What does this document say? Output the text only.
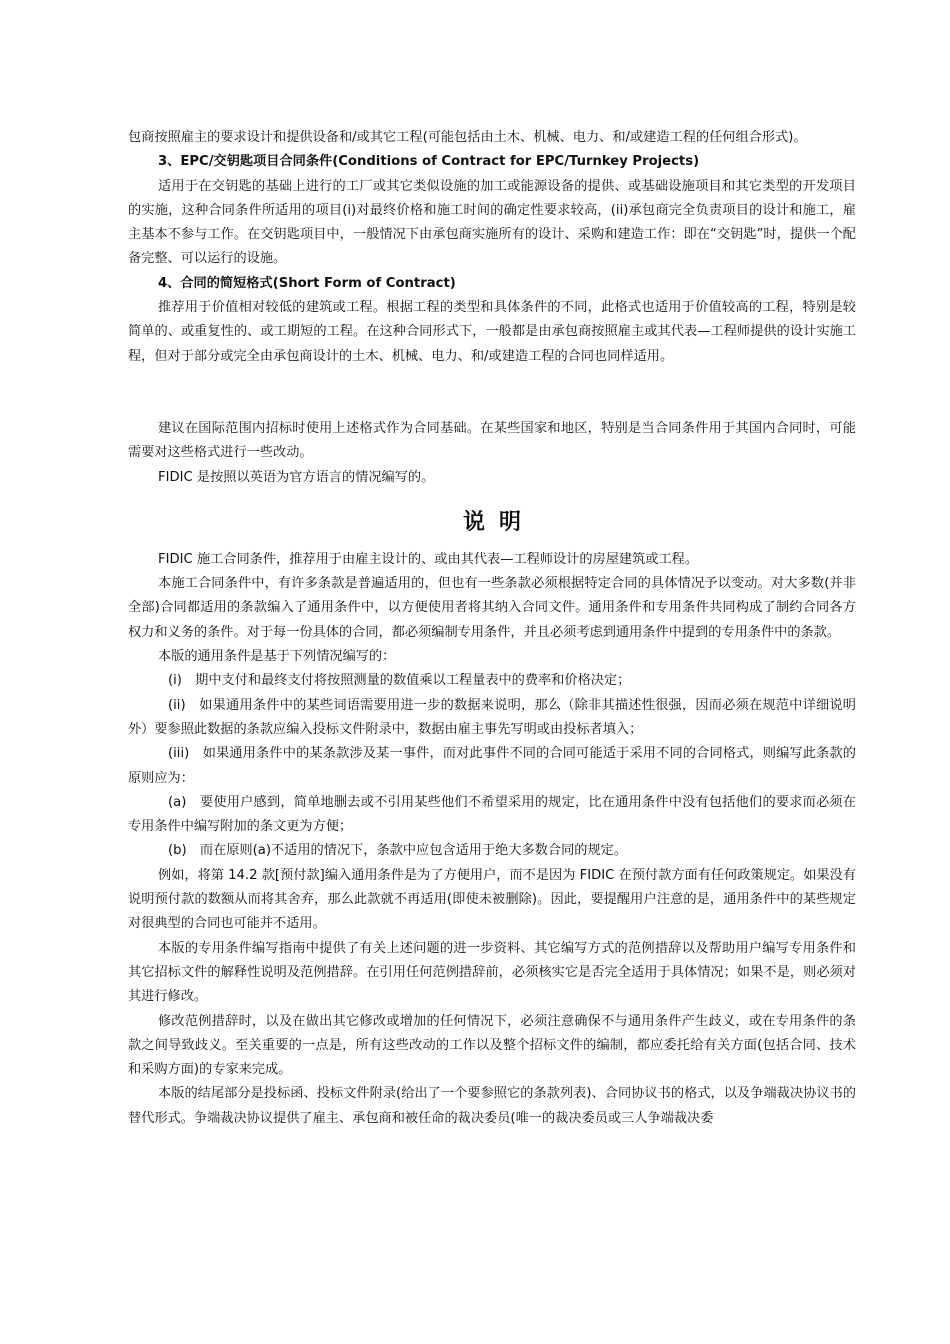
包商按照雇主的要求设计和提供设备和/或其它工程(可能包括由土木、机械、电力、和/或建造工程的任何组合形式)。

3、EPC/交钥匙项目合同条件(Conditions of Contract for EPC/Turnkey Projects)

适用于在交钥匙的基础上进行的工厂或其它类似设施的加工或能源设备的提供、或基础设施项目和其它类型的开发项目的实施，这种合同条件所适用的项目(i)对最终价格和施工时间的确定性要求较高，(ii)承包商完全负责项目的设计和施工，雇主基本不参与工作。在交钥匙项目中，一般情况下由承包商实施所有的设计、采购和建造工作：即在“交钥匙”时，提供一个配备完整、可以运行的设施。

4、合同的简短格式(Short Form of Contract)

推荐用于价值相对较低的建筑或工程。根据工程的类型和具体条件的不同，此格式也适用于价值较高的工程，特别是较简单的、或重复性的、或工期短的工程。在这种合同形式下，一般都是由承包商按照雇主或其代表—工程师提供的设计实施工程，但对于部分或完全由承包商设计的土木、机械、电力、和/或建造工程的合同也同样适用。

建议在国际范围内招标时使用上述格式作为合同基础。在某些国家和地区，特别是当合同条件用于其国内合同时，可能需要对这些格式进行一些改动。

FIDIC 是按照以英语为官方语言的情况编写的。

说明

FIDIC 施工合同条件，推荐用于由雇主设计的、或由其代表—工程师设计的房屋建筑或工程。

本施工合同条件中，有许多条款是普遍适用的，但也有一些条款必须根据特定合同的具体情况予以变动。对大多数(并非全部)合同都适用的条款编入了通用条件中，以方便使用者将其纳入合同文件。通用条件和专用条件共同构成了制约合同各方权力和义务的条件。对于每一份具体的合同，都必须编制专用条件，并且必须考虑到通用条件中提到的专用条件中的条款。

本版的通用条件是基于下列情况编写的：

(i)　期中支付和最终支付将按照测量的数值乘以工程量表中的费率和价格决定；

(ii)　如果通用条件中的某些词语需要用进一步的数据来说明，那么（除非其描述性很强，因而必须在规范中详细说明外）要参照此数据的条款应编入投标文件附录中，数据由雇主事先写明或由投标者填入；

(iii)　如果通用条件中的某条款涉及某一事件，而对此事件不同的合同可能适于采用不同的合同格式，则编写此条款的原则应为：

(a)　要使用户感到，简单地删去或不引用某些他们不希望采用的规定，比在通用条件中没有包括他们的要求而必须在专用条件中编写附加的条文更为方便；

(b)　而在原则(a)不适用的情况下，条款中应包含适用于绝大多数合同的规定。

例如，将第 14.2 款[预付款]编入通用条件是为了方便用户，而不是因为 FIDIC 在预付款方面有任何政策规定。如果没有说明预付款的数额从而将其舍弃，那么此款就不再适用(即使未被删除)。因此，要提醒用户注意的是，通用条件中的某些规定对很典型的合同也可能并不适用。

本版的专用条件编写指南中提供了有关上述问题的进一步资料、其它编写方式的范例措辞以及帮助用户编写专用条件和其它招标文件的解释性说明及范例措辞。在引用任何范例措辞前，必须核实它是否完全适用于具体情况；如果不是，则必须对其进行修改。

修改范例措辞时，以及在做出其它修改或增加的任何情况下，必须注意确保不与通用条件产生歧义，或在专用条件的条款之间导致歧义。至关重要的一点是，所有这些改动的工作以及整个招标文件的编制，都应委托给有关方面(包括合同、技术和采购方面)的专家来完成。

本版的结尾部分是投标函、投标文件附录(给出了一个要参照它的条款列表)、合同协议书的格式，以及争端裁决协议书的替代形式。争端裁决协议提供了雇主、承包商和被任命的裁决委员(唯一的裁决委员或三人争端裁决委
